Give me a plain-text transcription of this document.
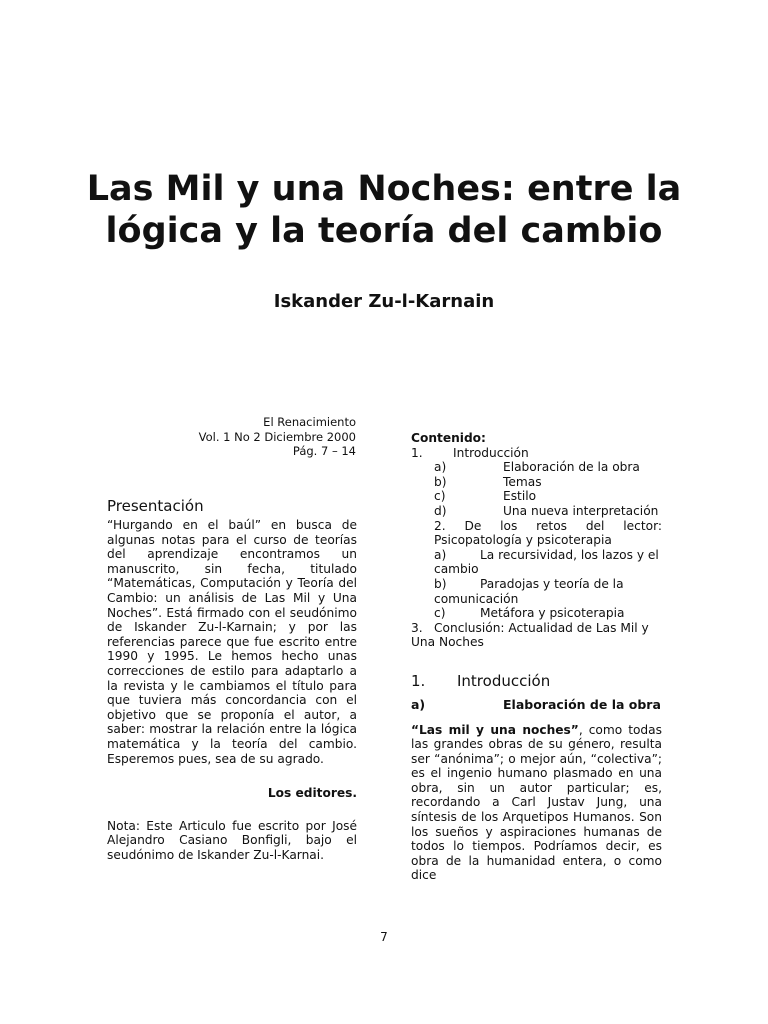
Las Mil y una Noches: entre la lógica y la teoría del cambio
Iskander Zu-l-Karnain
El Renacimiento
Vol. 1 No 2 Diciembre 2000
Pág. 7 – 14
Presentación

“Hurgando en el baúl” en busca de algunas notas para el curso de teorías del aprendizaje encontramos un manuscrito, sin fecha, titulado “Matemáticas, Computación y Teoría del Cambio: un análisis de Las Mil y Una Noches”. Está firmado con el seudónimo de Iskander Zu-l-Karnain; y por las referencias parece que fue escrito entre 1990 y 1995. Le hemos hecho unas correcciones de estilo para adaptarlo a la revista y le cambiamos el título para que tuviera más concordancia con el objetivo que se proponía el autor, a saber: mostrar la relación entre la lógica matemática y la teoría del cambio. Esperemos pues, sea de su agrado.

Los editores.
Nota: Este Articulo fue escrito por José Alejandro Casiano Bonfigli, bajo el seudónimo de Iskander Zu-l-Karnai.
Contenido:
1. Introducción
a)	Elaboración de la obra
b)	Temas
c)	Estilo
d)	Una nueva interpretación
2. De los retos del lector: Psicopatología y psicoterapia
a)	La recursividad, los lazos y el cambio
b)	Paradojas y teoría de la comunicación
c)	Metáfora y psicoterapia
3. Conclusión: Actualidad de Las Mil y Una Noches
1. Introducción
a)	Elaboración de la obra

“Las mil y una noches”, como todas las grandes obras de su género, resulta ser “anónima”; o mejor aún, “colectiva”; es el ingenio humano plasmado en una obra, sin un autor particular; es, recordando a Carl Justav Jung, una síntesis de los Arquetipos Humanos. Son los sueños y aspiraciones humanas de todos lo tiempos. Podríamos decir, es obra de la humanidad entera, o como dice

7
